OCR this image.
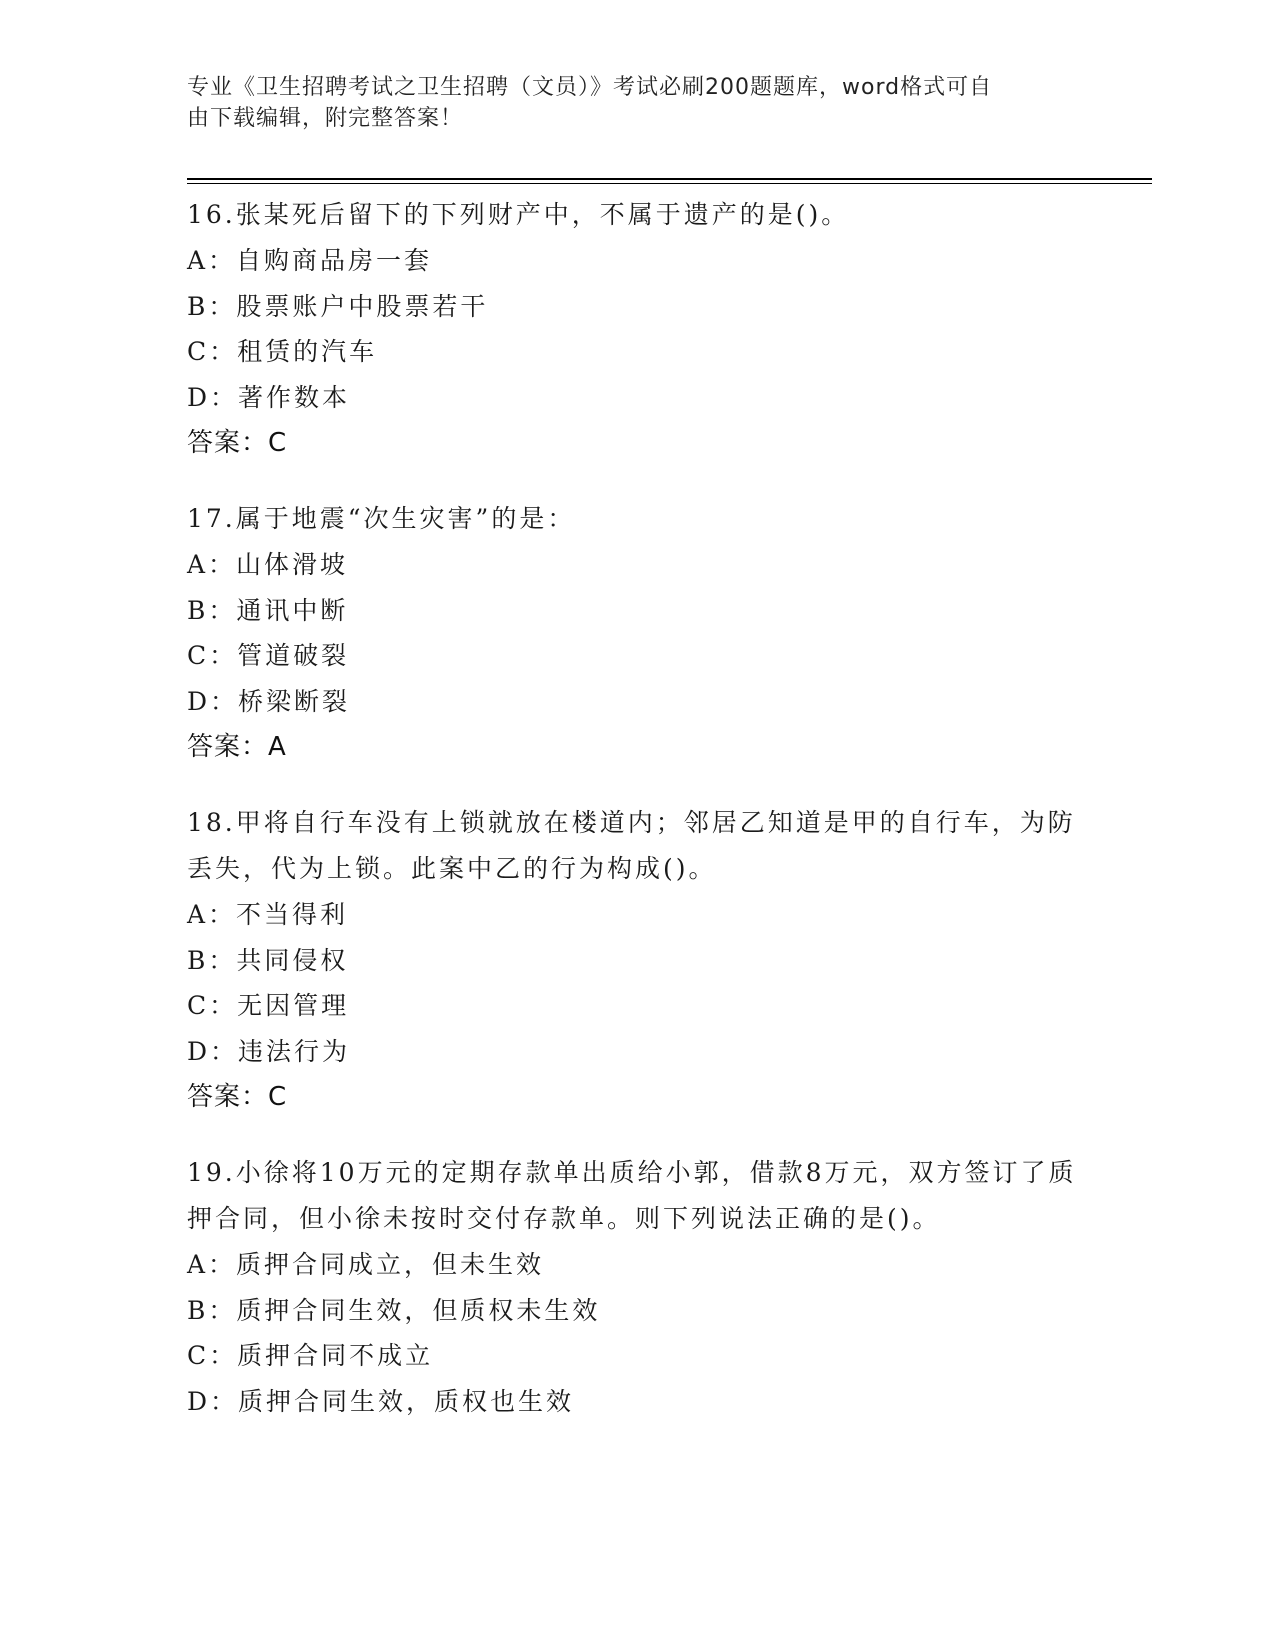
专业《卫生招聘考试之卫生招聘（文员）》考试必刷200题题库，word格式可自
由下载编辑，附完整答案！

16.张某死后留下的下列财产中，不属于遗产的是()。

A：自购商品房一套
B：股票账户中股票若干
C：租赁的汽车
D：著作数本
答案：C

17.属于地震“次生灾害”的是：

A：山体滑坡
B：通讯中断
C：管道破裂
D：桥梁断裂
答案：A

18.甲将自行车没有上锁就放在楼道内；邻居乙知道是甲的自行车，为防丢失，代为上锁。此案中乙的行为构成()。

A：不当得利
B：共同侵权
C：无因管理
D：违法行为
答案：C

19.小徐将10万元的定期存款单出质给小郭，借款8万元，双方签订了质押合同，但小徐未按时交付存款单。则下列说法正确的是()。

A：质押合同成立，但未生效
B：质押合同生效，但质权未生效
C：质押合同不成立
D：质押合同生效，质权也生效
